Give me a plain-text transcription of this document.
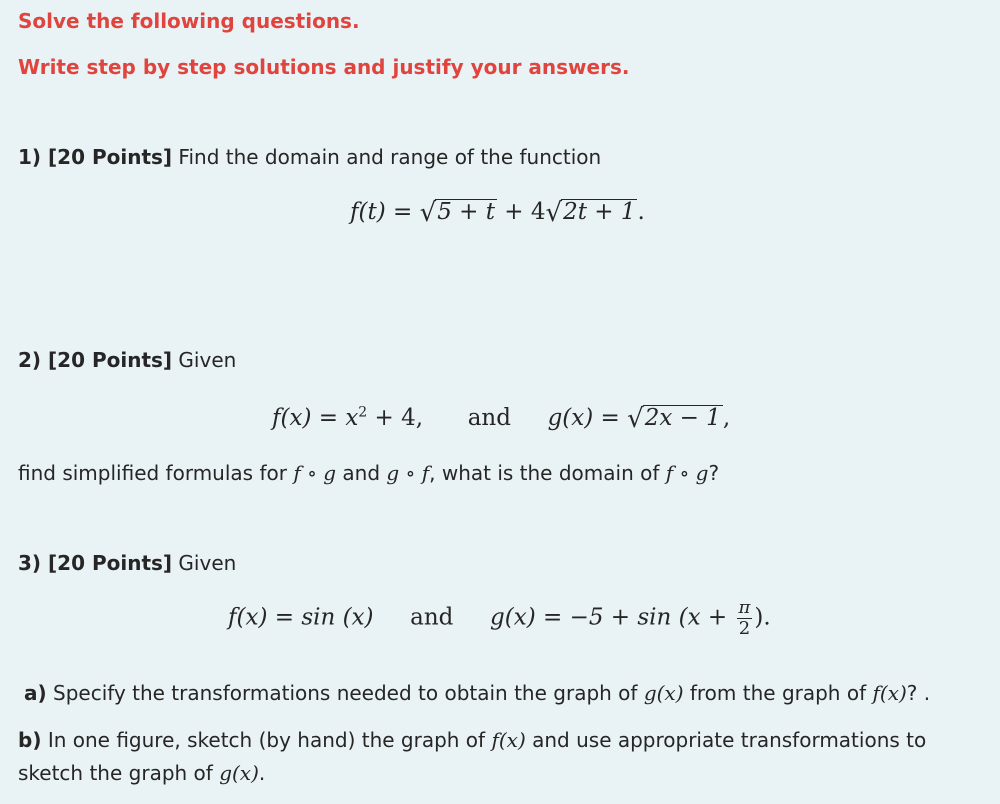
Solve the following questions.
Write step by step solutions and justify your answers.
1) [20 Points] Find the domain and range of the function
f(t) = √5 + t + 4√2t + 1.
2) [20 Points] Given
$f(x) = x^2 + 4$, and g(x) = √2x − 1,
find simplified formulas for f ∘ g and g ∘ f, what is the domain of f ∘ g?
3) [20 Points] Given
f(x) = sin (x) and $g(x) = -5 + \sin (x + \frac{\pi}{2}$ ).
a) Specify the transformations needed to obtain the graph of g(x) from the graph of f(x)? .
b) In one figure, sketch (by hand) the graph of f(x) and use appropriate transformations to
sketch the graph of g(x).
